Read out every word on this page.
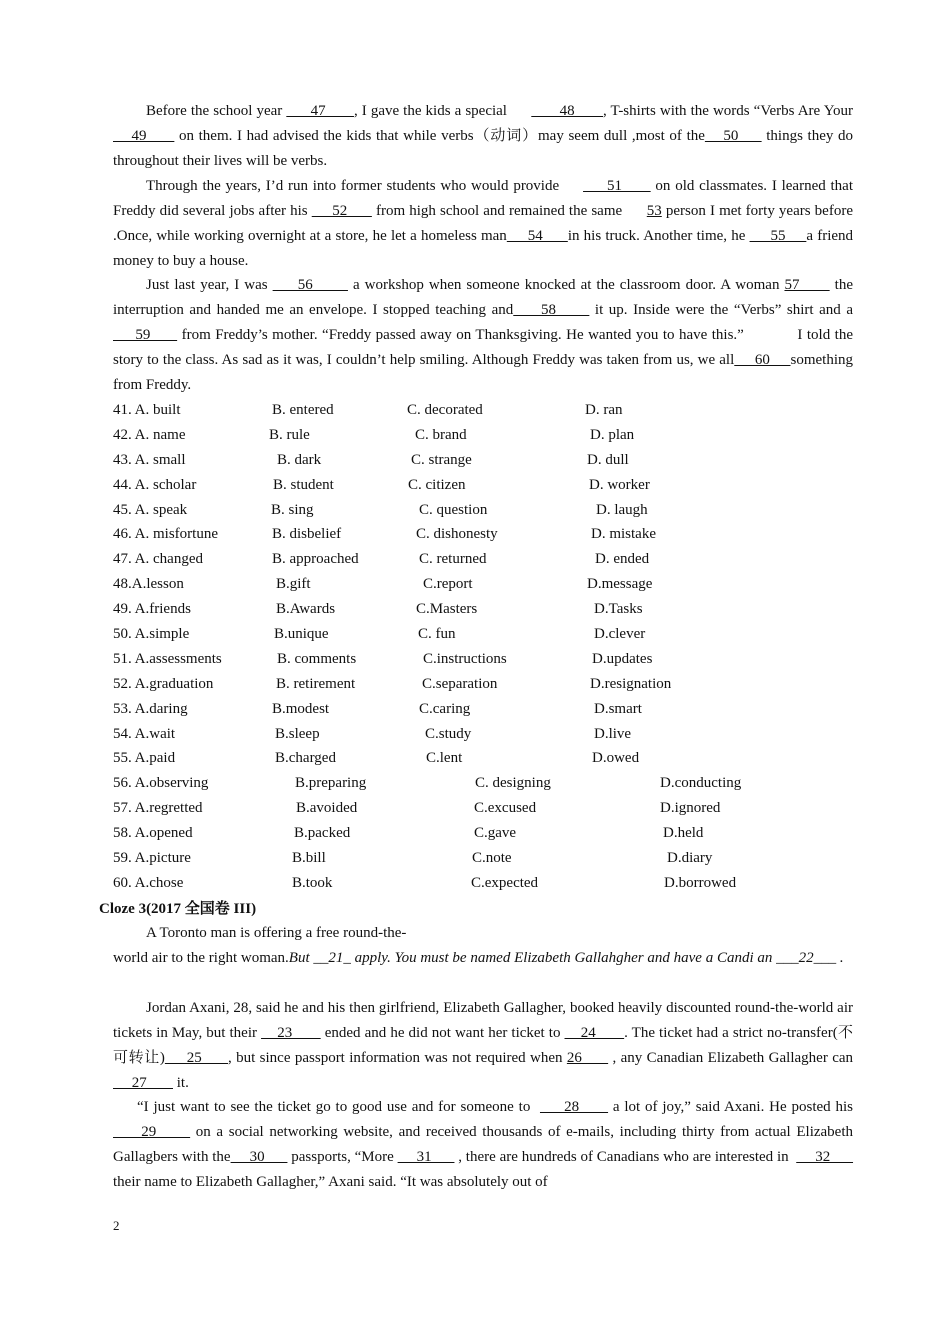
Before the school year       47       , I gave the kids a special             48       , T-shirts with the words “Verbs Are Your    49       on them. I had advised the kids that while verbs（动词）may seem dull ,most of the    50      things they do throughout their lives will be verbs.

Through the years, I’d run into former students who would provide          51       on old classmates. I learned that Freddy did several jobs after his      52       from high school and remained the same      53 person I met forty years before .Once, while working overnight at a store, he let a homeless man     54      in his truck. Another time, he      55     a friend money to buy a house.

Just last year, I was      56        a workshop when someone knocked at the classroom door. A woman 57       the interruption and handed me an envelope. I stopped teaching and     58       it up. Inside were the “Verbs” shirt and a      59       from Freddy’s mother. “Freddy passed away on Thanksgiving. He wanted you to have this.”            I told the story to the class. As sad as it was, I couldn’t help smiling. Although Freddy was taken from us, we all     60     something from Freddy.

41. A. built	B. entered	C. decorated	D. ran
42. A. name	B. rule	C. brand	D. plan
43. A. small	B. dark	C. strange	D. dull
44. A. scholar	B. student	C. citizen	D. worker
45. A. speak	B. sing	C. question	D. laugh
46. A. misfortune	B. disbelief	C. dishonesty	D. mistake
47. A. changed	B. approached	C. returned	D. ended
48.A.lesson	B.gift	C.report	D.message
49. A.friends	B.Awards	C.Masters	D.Tasks
50. A.simple	B.unique	C. fun	D.clever
51. A.assessments	B. comments	C.instructions	D.updates
52. A.graduation	B. retirement	C.separation	D.resignation
53. A.daring	B.modest	C.caring	D.smart
54. A.wait	B.sleep	C.study	D.live
55. A.paid	B.charged	C.lent	D.owed
56. A.observing	B.preparing	C. designing	D.conducting
57. A.regretted	B.avoided	C.excused	D.ignored
58. A.opened	B.packed	C.gave	D.held
59. A.picture	B.bill	C.note	D.diary
60. A.chose	B.took	C.expected	D.borrowed
Cloze 3(2017 全国卷 III)

A Toronto man is offering a free round-the-
world air to the right woman.But __21_ apply. You must be named Elizabeth Gallahgher and have a Candi an ___22___ .

Jordan Axani, 28, said he and his then girlfriend, Elizabeth Gallagher, booked heavily discounted round-the-world air tickets in May, but their     23        ended and he did not want her ticket to     24       . The ticket had a strict no-transfer(不可转让)     25      , but since passport information was not required when 26       , any Canadian Elizabeth Gallagher can      27        it.

“I just want to see the ticket go to good use and for someone to       28       a lot of joy,” said Axani. He posted his      29       on a social networking website, and received thousands of e-mails, including thirty from actual Elizabeth Gallagbers with the     30       passports, “More      31       , there are hundreds of Canadians who are interested in       32       their name to Elizabeth Gallagher,” Axani said. “It was absolutely out of

2
